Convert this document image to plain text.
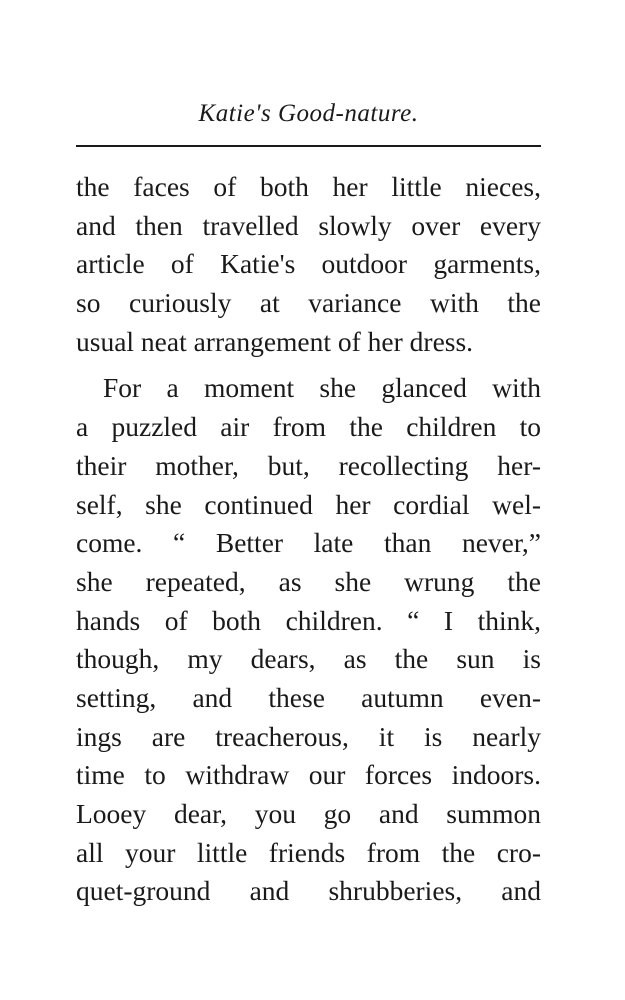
Katie's Good-nature.
the faces of both her little nieces,
and then travelled slowly over every
article of Katie's outdoor garments,
so curiously at variance with the
usual neat arrangement of her dress.
For a moment she glanced with
a puzzled air from the children to
their mother, but, recollecting her-
self, she continued her cordial wel-
come. “ Better late than never,”
she repeated, as she wrung the
hands of both children. “ I think,
though, my dears, as the sun is
setting, and these autumn even-
ings are treacherous, it is nearly
time to withdraw our forces indoors.
Looey dear, you go and summon
all your little friends from the cro-
quet-ground and shrubberies, and
